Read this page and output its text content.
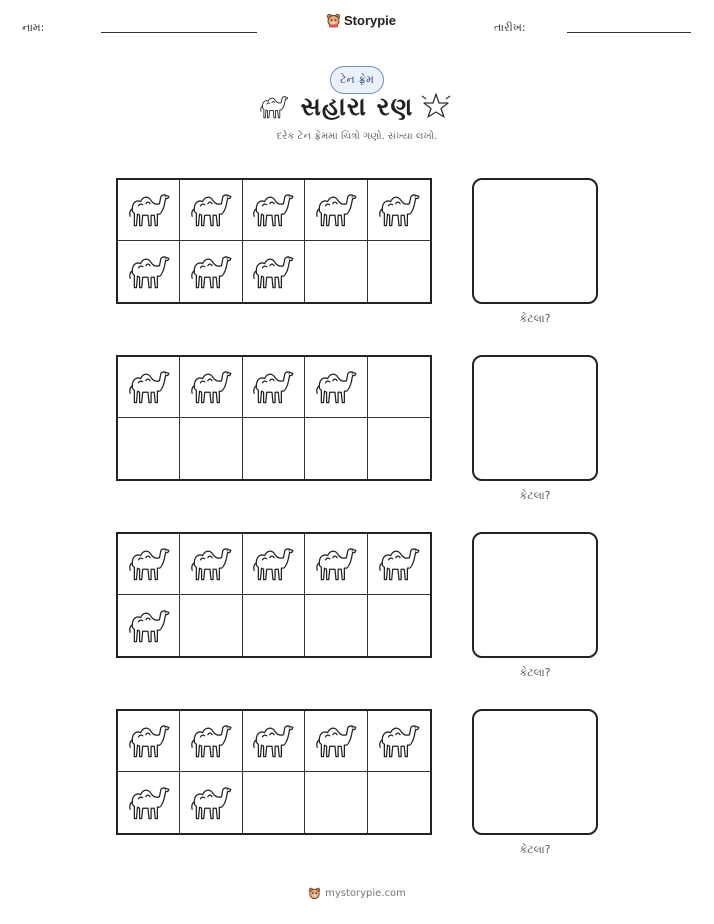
નામ:	Storypie	તારીખ:
ટેન ફ્રેમ
સહારા રણ
દરેક ટેન ફ્રેમમાં ચિત્રો ગણો. સંખ્યા લખો.
કેટલા?
કેટલા?
કેટલા?
કેટલા?
mystorypie.com
